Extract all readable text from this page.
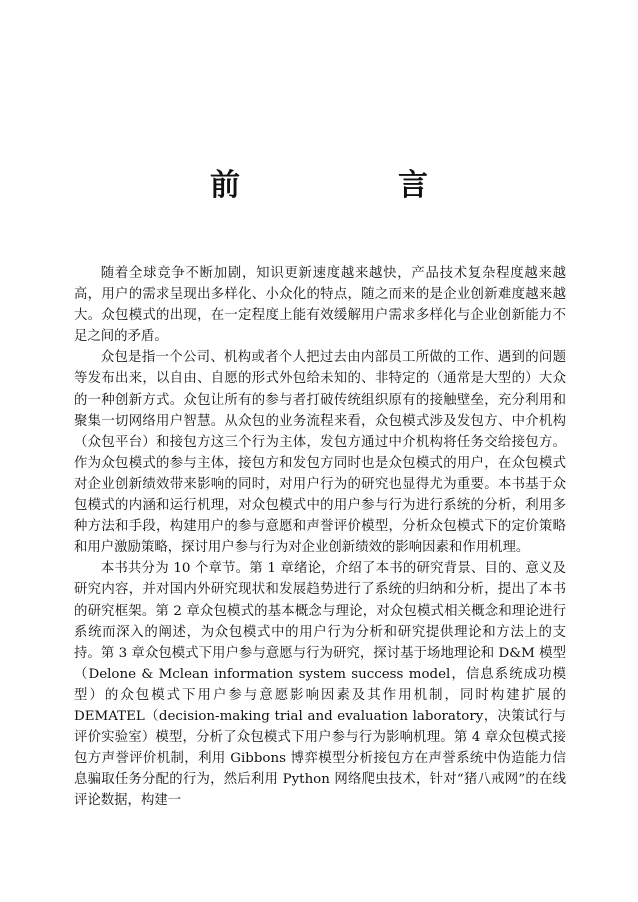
前　言

随着全球竞争不断加剧，知识更新速度越来越快，产品技术复杂程度越来越高，用户的需求呈现出多样化、小众化的特点，随之而来的是企业创新难度越来越大。众包模式的出现，在一定程度上能有效缓解用户需求多样化与企业创新能力不足之间的矛盾。

众包是指一个公司、机构或者个人把过去由内部员工所做的工作、遇到的问题等发布出来，以自由、自愿的形式外包给未知的、非特定的（通常是大型的）大众的一种创新方式。众包让所有的参与者打破传统组织原有的接触壁垒，充分利用和聚集一切网络用户智慧。从众包的业务流程来看，众包模式涉及发包方、中介机构（众包平台）和接包方这三个行为主体，发包方通过中介机构将任务交给接包方。作为众包模式的参与主体，接包方和发包方同时也是众包模式的用户，在众包模式对企业创新绩效带来影响的同时，对用户行为的研究也显得尤为重要。本书基于众包模式的内涵和运行机理，对众包模式中的用户参与行为进行系统的分析，利用多种方法和手段，构建用户的参与意愿和声誉评价模型，分析众包模式下的定价策略和用户激励策略，探讨用户参与行为对企业创新绩效的影响因素和作用机理。

本书共分为 10 个章节。第 1 章绪论，介绍了本书的研究背景、目的、意义及研究内容，并对国内外研究现状和发展趋势进行了系统的归纳和分析，提出了本书的研究框架。第 2 章众包模式的基本概念与理论，对众包模式相关概念和理论进行系统而深入的阐述，为众包模式中的用户行为分析和研究提供理论和方法上的支持。第 3 章众包模式下用户参与意愿与行为研究，探讨基于场地理论和 D&M 模型（Delone & Mclean information system success model，信息系统成功模型）的众包模式下用户参与意愿影响因素及其作用机制，同时构建扩展的 DEMATEL（decision-making trial and evaluation laboratory，决策试行与评价实验室）模型，分析了众包模式下用户参与行为影响机理。第 4 章众包模式接包方声誉评价机制，利用 Gibbons 博弈模型分析接包方在声誉系统中伪造能力信息骗取任务分配的行为，然后利用 Python 网络爬虫技术，针对“猪八戒网”的在线评论数据，构建一
